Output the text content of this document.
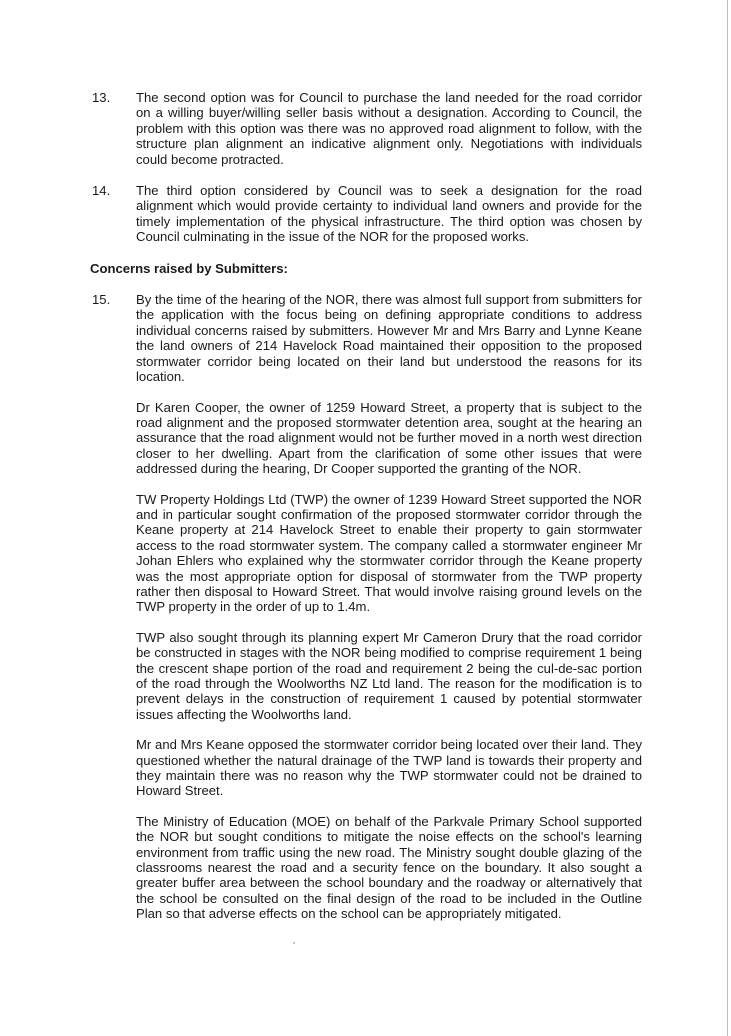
13. The second option was for Council to purchase the land needed for the road corridor on a willing buyer/willing seller basis without a designation. According to Council, the problem with this option was there was no approved road alignment to follow, with the structure plan alignment an indicative alignment only. Negotiations with individuals could become protracted.

14. The third option considered by Council was to seek a designation for the road alignment which would provide certainty to individual land owners and provide for the timely implementation of the physical infrastructure. The third option was chosen by Council culminating in the issue of the NOR for the proposed works.

Concerns raised by Submitters:

15. By the time of the hearing of the NOR, there was almost full support from submitters for the application with the focus being on defining appropriate conditions to address individual concerns raised by submitters. However Mr and Mrs Barry and Lynne Keane the land owners of 214 Havelock Road maintained their opposition to the proposed stormwater corridor being located on their land but understood the reasons for its location.

Dr Karen Cooper, the owner of 1259 Howard Street, a property that is subject to the road alignment and the proposed stormwater detention area, sought at the hearing an assurance that the road alignment would not be further moved in a north west direction closer to her dwelling. Apart from the clarification of some other issues that were addressed during the hearing, Dr Cooper supported the granting of the NOR.

TW Property Holdings Ltd (TWP) the owner of 1239 Howard Street supported the NOR and in particular sought confirmation of the proposed stormwater corridor through the Keane property at 214 Havelock Street to enable their property to gain stormwater access to the road stormwater system. The company called a stormwater engineer Mr Johan Ehlers who explained why the stormwater corridor through the Keane property was the most appropriate option for disposal of stormwater from the TWP property rather then disposal to Howard Street. That would involve raising ground levels on the TWP property in the order of up to 1.4m.

TWP also sought through its planning expert Mr Cameron Drury that the road corridor be constructed in stages with the NOR being modified to comprise requirement 1 being the crescent shape portion of the road and requirement 2 being the cul-de-sac portion of the road through the Woolworths NZ Ltd land. The reason for the modification is to prevent delays in the construction of requirement 1 caused by potential stormwater issues affecting the Woolworths land.

Mr and Mrs Keane opposed the stormwater corridor being located over their land. They questioned whether the natural drainage of the TWP land is towards their property and they maintain there was no reason why the TWP stormwater could not be drained to Howard Street.

The Ministry of Education (MOE) on behalf of the Parkvale Primary School supported the NOR but sought conditions to mitigate the noise effects on the school's learning environment from traffic using the new road. The Ministry sought double glazing of the classrooms nearest the road and a security fence on the boundary. It also sought a greater buffer area between the school boundary and the roadway or alternatively that the school be consulted on the final design of the road to be included in the Outline Plan so that adverse effects on the school can be appropriately mitigated.
